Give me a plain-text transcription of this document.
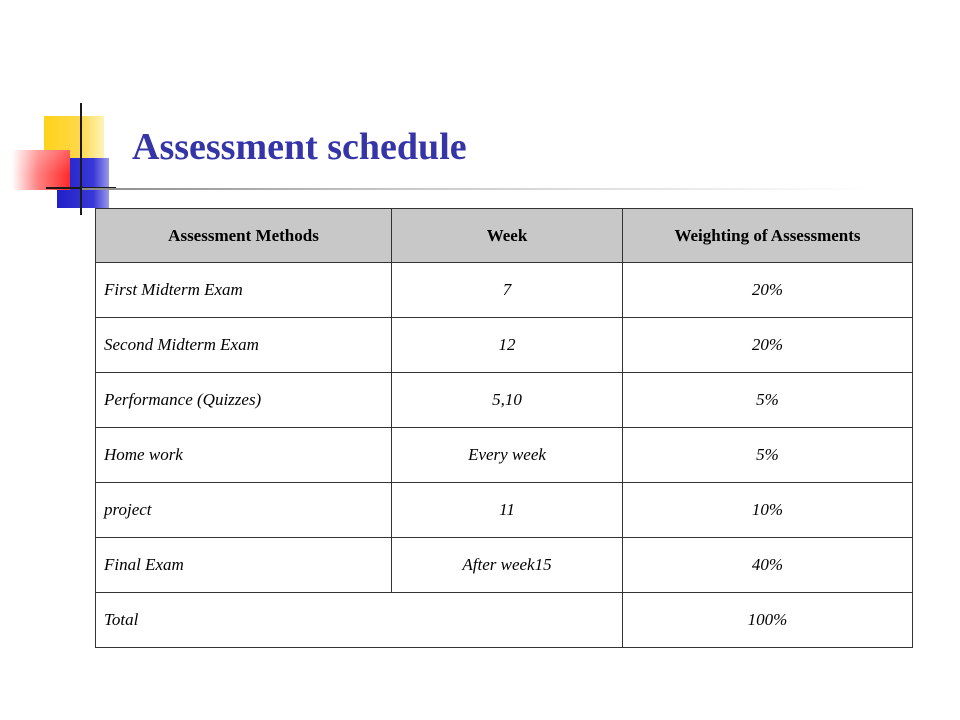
Assessment schedule
Assessment Methods	Week	Weighting of Assessments
First Midterm Exam	7	20%
Second Midterm Exam	12	20%
Performance (Quizzes)	5,10	5%
Home work	Every week	5%
project	11	10%
Final Exam	After week15	40%
Total		100%
